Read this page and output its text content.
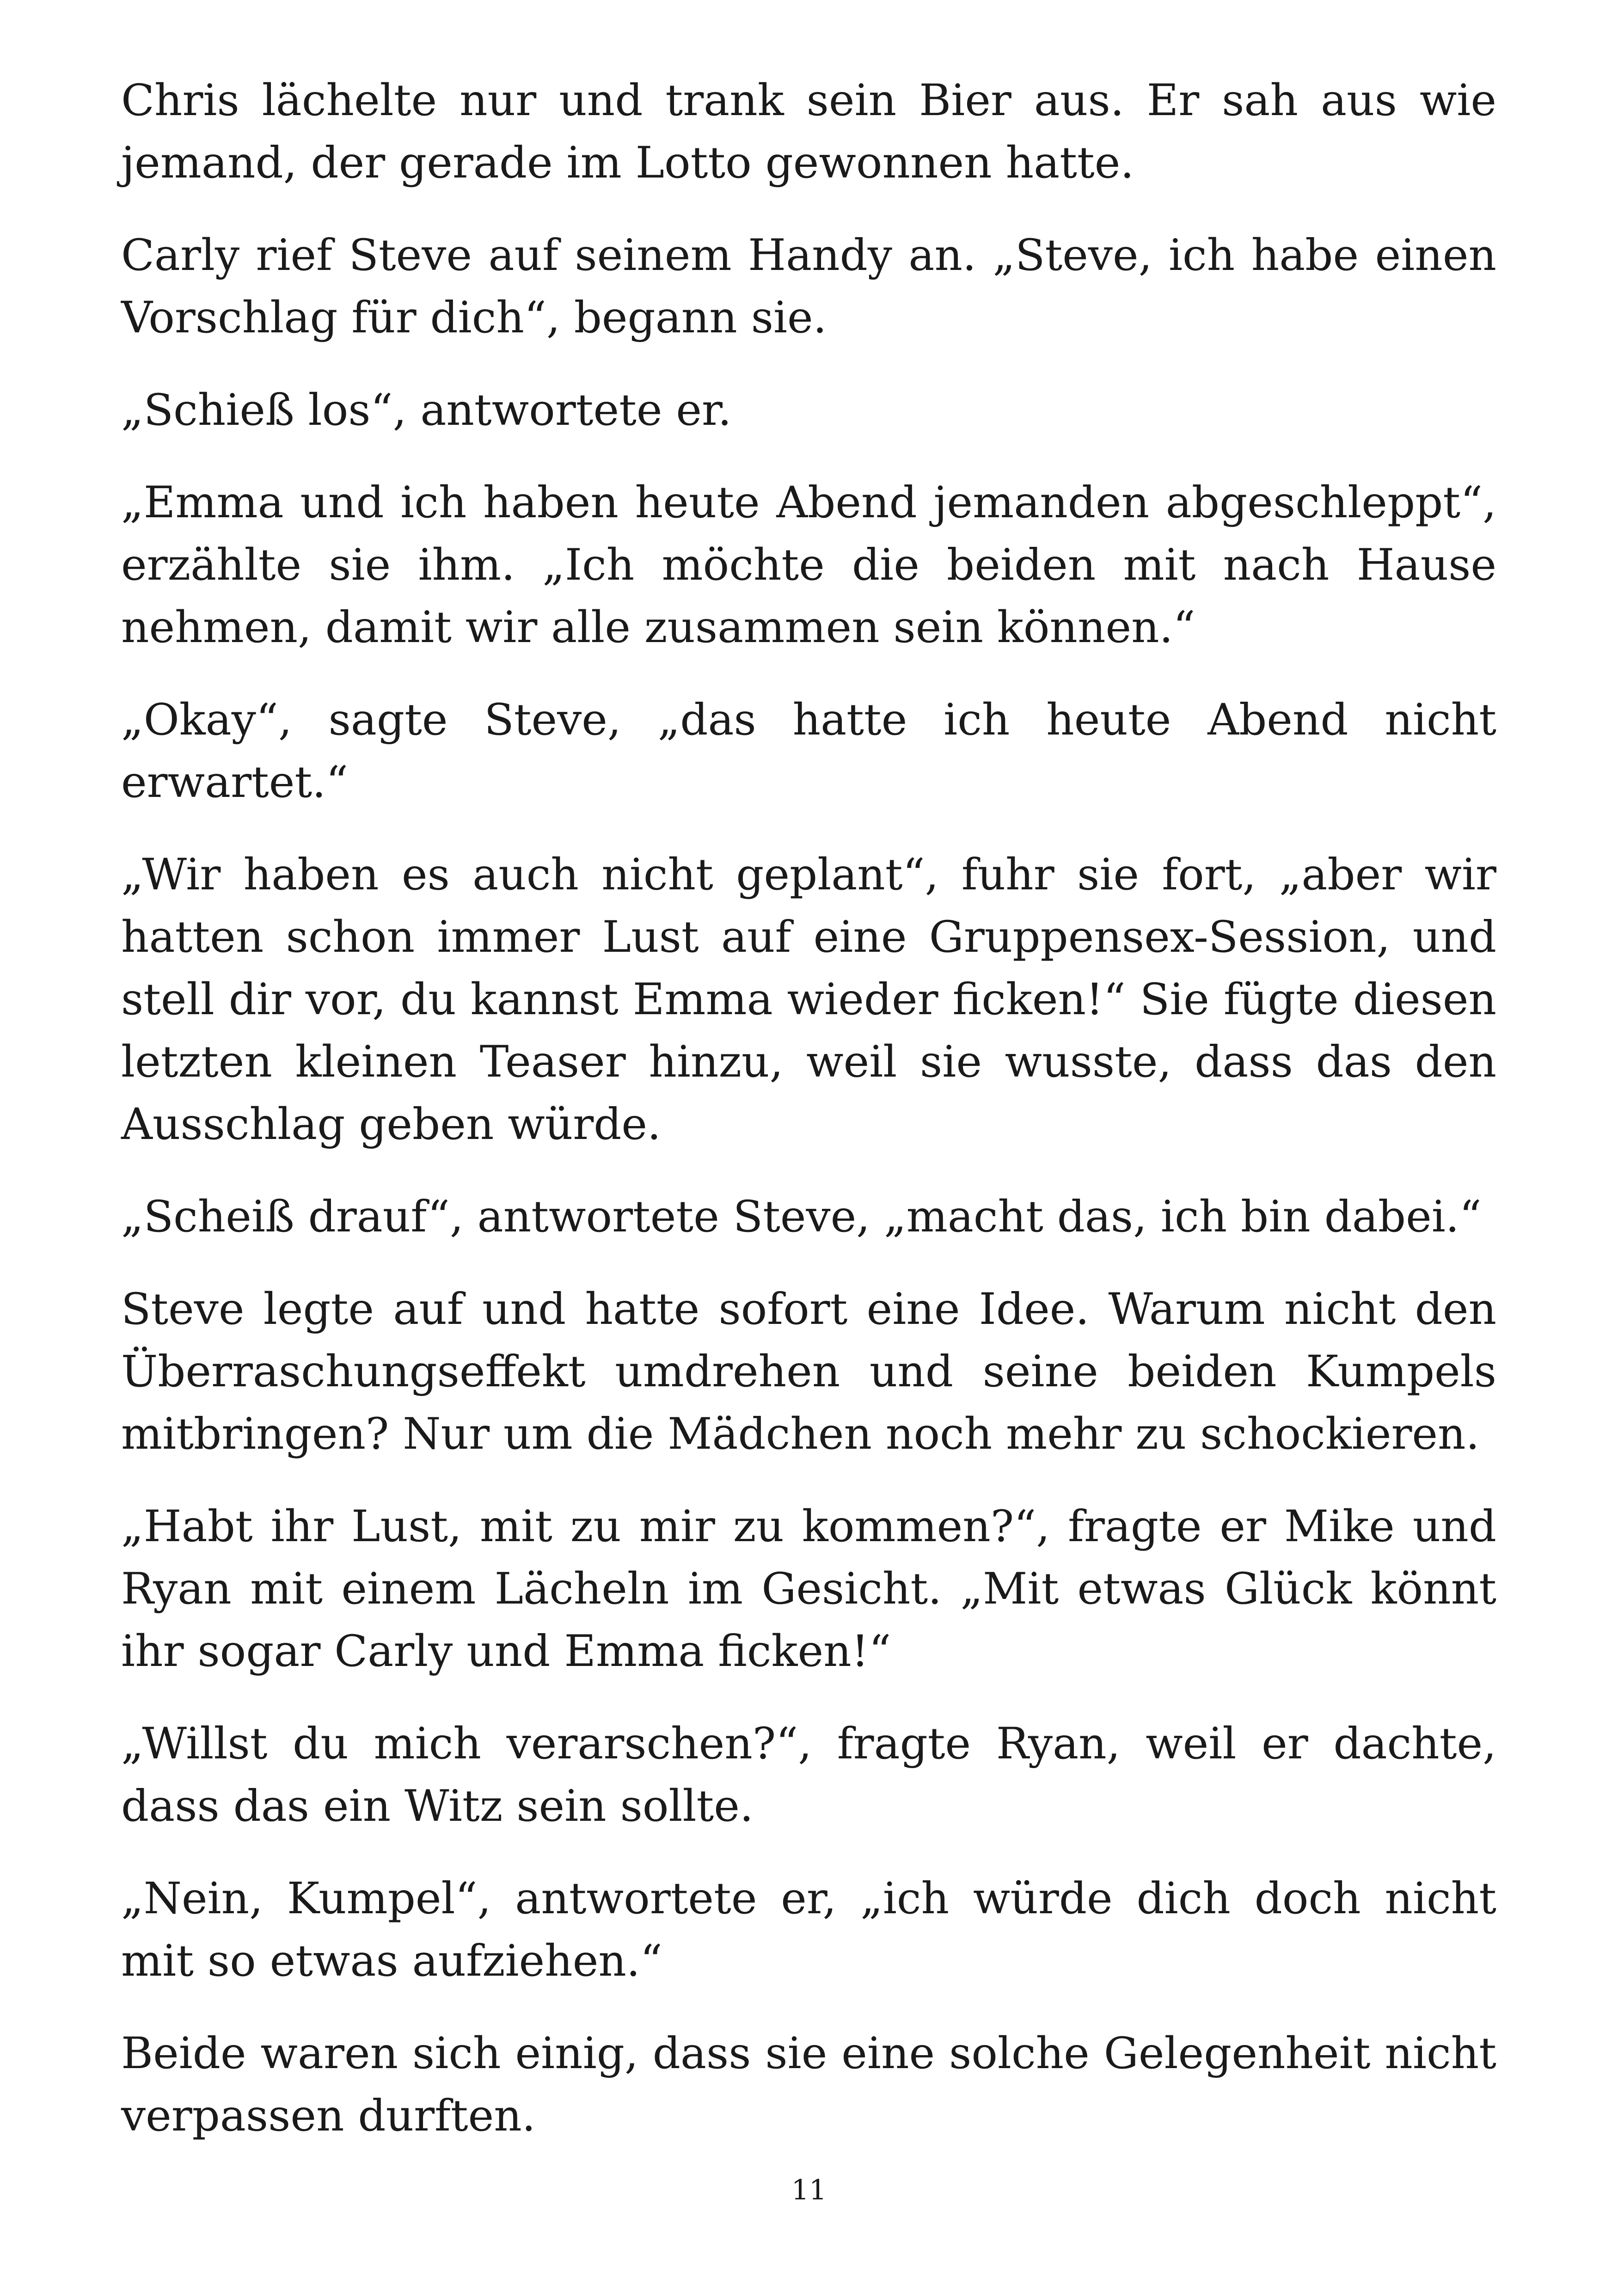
Chris lächelte nur und trank sein Bier aus. Er sah aus wie jemand, der gerade im Lotto gewonnen hatte.

Carly rief Steve auf seinem Handy an. „Steve, ich habe einen Vorschlag für dich“, begann sie.

„Schieß los“, antwortete er.

„Emma und ich haben heute Abend jemanden abgeschleppt“, erzählte sie ihm. „Ich möchte die beiden mit nach Hause nehmen, damit wir alle zusammen sein können.“

„Okay“, sagte Steve, „das hatte ich heute Abend nicht erwartet.“

„Wir haben es auch nicht geplant“, fuhr sie fort, „aber wir hatten schon immer Lust auf eine Gruppensex-Session, und stell dir vor, du kannst Emma wieder ficken!“ Sie fügte diesen letzten kleinen Teaser hinzu, weil sie wusste, dass das den Ausschlag geben würde.

„Scheiß drauf“, antwortete Steve, „macht das, ich bin dabei.“

Steve legte auf und hatte sofort eine Idee. Warum nicht den Überraschungseffekt umdrehen und seine beiden Kumpels mitbringen? Nur um die Mädchen noch mehr zu schockieren.

„Habt ihr Lust, mit zu mir zu kommen?“, fragte er Mike und Ryan mit einem Lächeln im Gesicht. „Mit etwas Glück könnt ihr sogar Carly und Emma ficken!“

„Willst du mich verarschen?“, fragte Ryan, weil er dachte, dass das ein Witz sein sollte.

„Nein, Kumpel“, antwortete er, „ich würde dich doch nicht mit so etwas aufziehen.“

Beide waren sich einig, dass sie eine solche Gelegenheit nicht verpassen durften.

11
